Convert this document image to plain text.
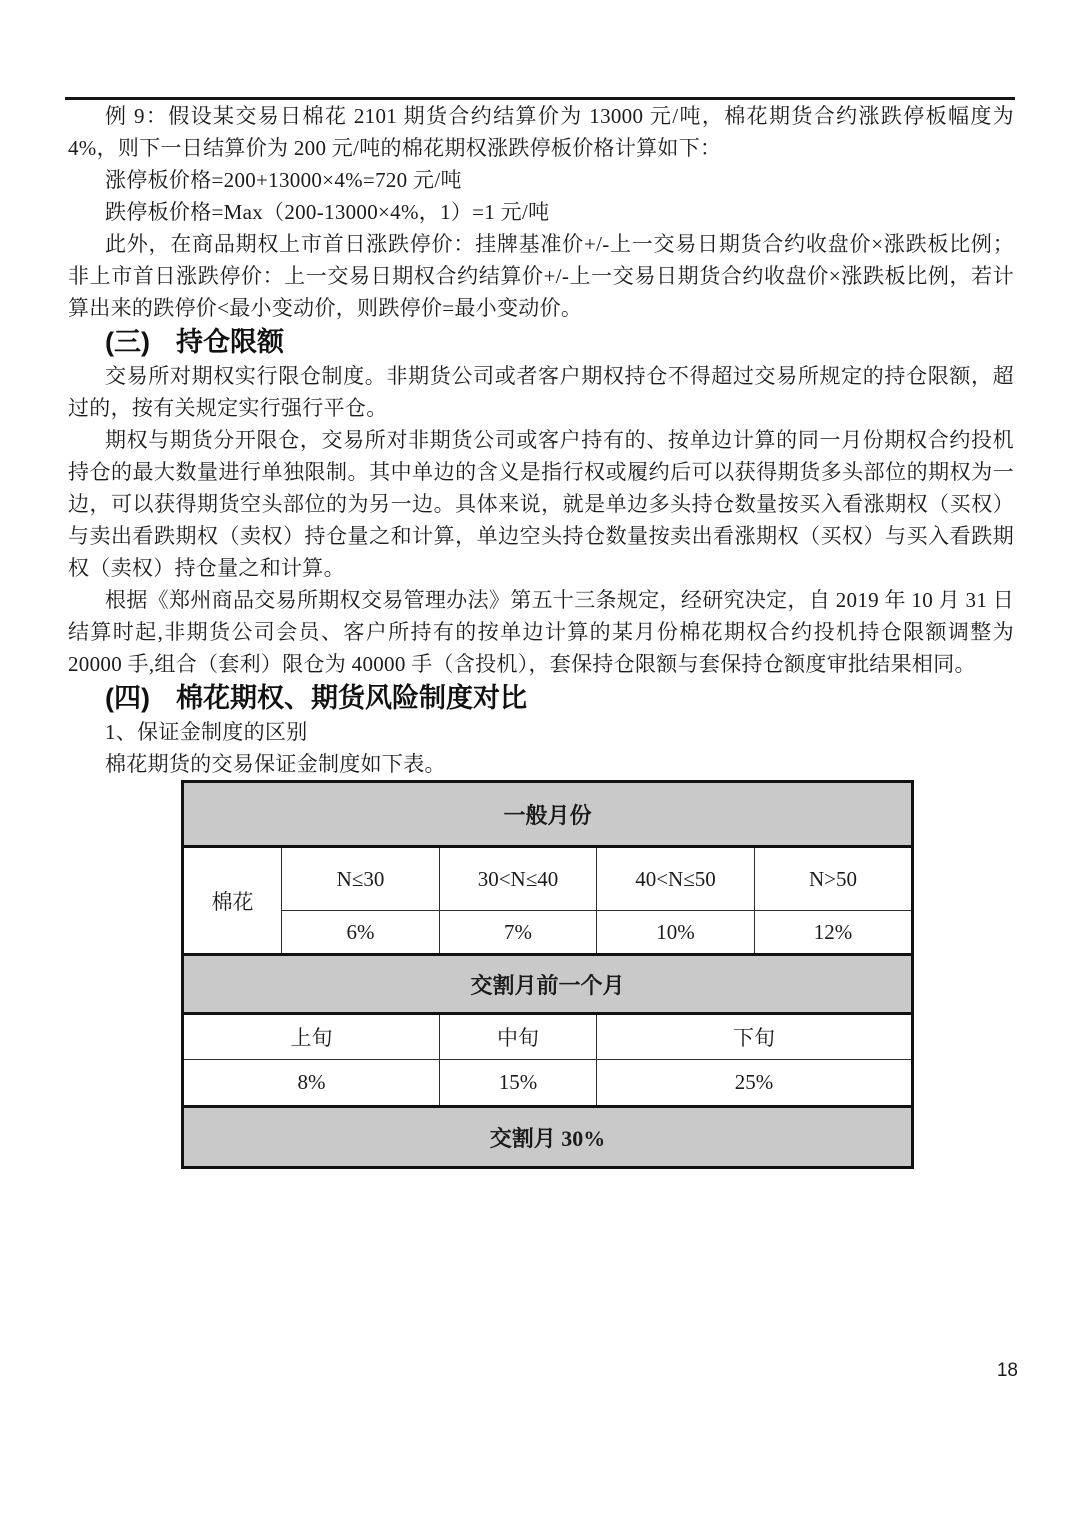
例 9：假设某交易日棉花 2101 期货合约结算价为 13000 元/吨，棉花期货合约涨跌停板幅度为 4%，则下一日结算价为 200 元/吨的棉花期权涨跌停板价格计算如下：

涨停板价格=200+13000×4%=720 元/吨

跌停板价格=Max（200-13000×4%，1）=1 元/吨

此外，在商品期权上市首日涨跌停价：挂牌基准价+/-上一交易日期货合约收盘价×涨跌板比例；非上市首日涨跌停价：上一交易日期权合约结算价+/-上一交易日期货合约收盘价×涨跌板比例，若计算出来的跌停价<最小变动价，则跌停价=最小变动价。

(三) 持仓限额

交易所对期权实行限仓制度。非期货公司或者客户期权持仓不得超过交易所规定的持仓限额，超过的，按有关规定实行强行平仓。

期权与期货分开限仓，交易所对非期货公司或客户持有的、按单边计算的同一月份期权合约投机持仓的最大数量进行单独限制。其中单边的含义是指行权或履约后可以获得期货多头部位的期权为一边，可以获得期货空头部位的为另一边。具体来说，就是单边多头持仓数量按买入看涨期权（买权）与卖出看跌期权（卖权）持仓量之和计算，单边空头持仓数量按卖出看涨期权（买权）与买入看跌期权（卖权）持仓量之和计算。

根据《郑州商品交易所期权交易管理办法》第五十三条规定，经研究决定，自 2019 年 10 月 31 日结算时起,非期货公司会员、客户所持有的按单边计算的某月份棉花期权合约投机持仓限额调整为 20000 手,组合（套利）限仓为 40000 手（含投机），套保持仓限额与套保持仓额度审批结果相同。

(四) 棉花期权、期货风险制度对比

1、保证金制度的区别

棉花期货的交易保证金制度如下表。

一般月份				
棉花	N≤30	30<N≤40	40<N≤50	N>50
	6%	7%	10%	12%
交割月前一个月				
上旬		中旬	下旬	
8%		15%	25%	
交割月 30%				
18
